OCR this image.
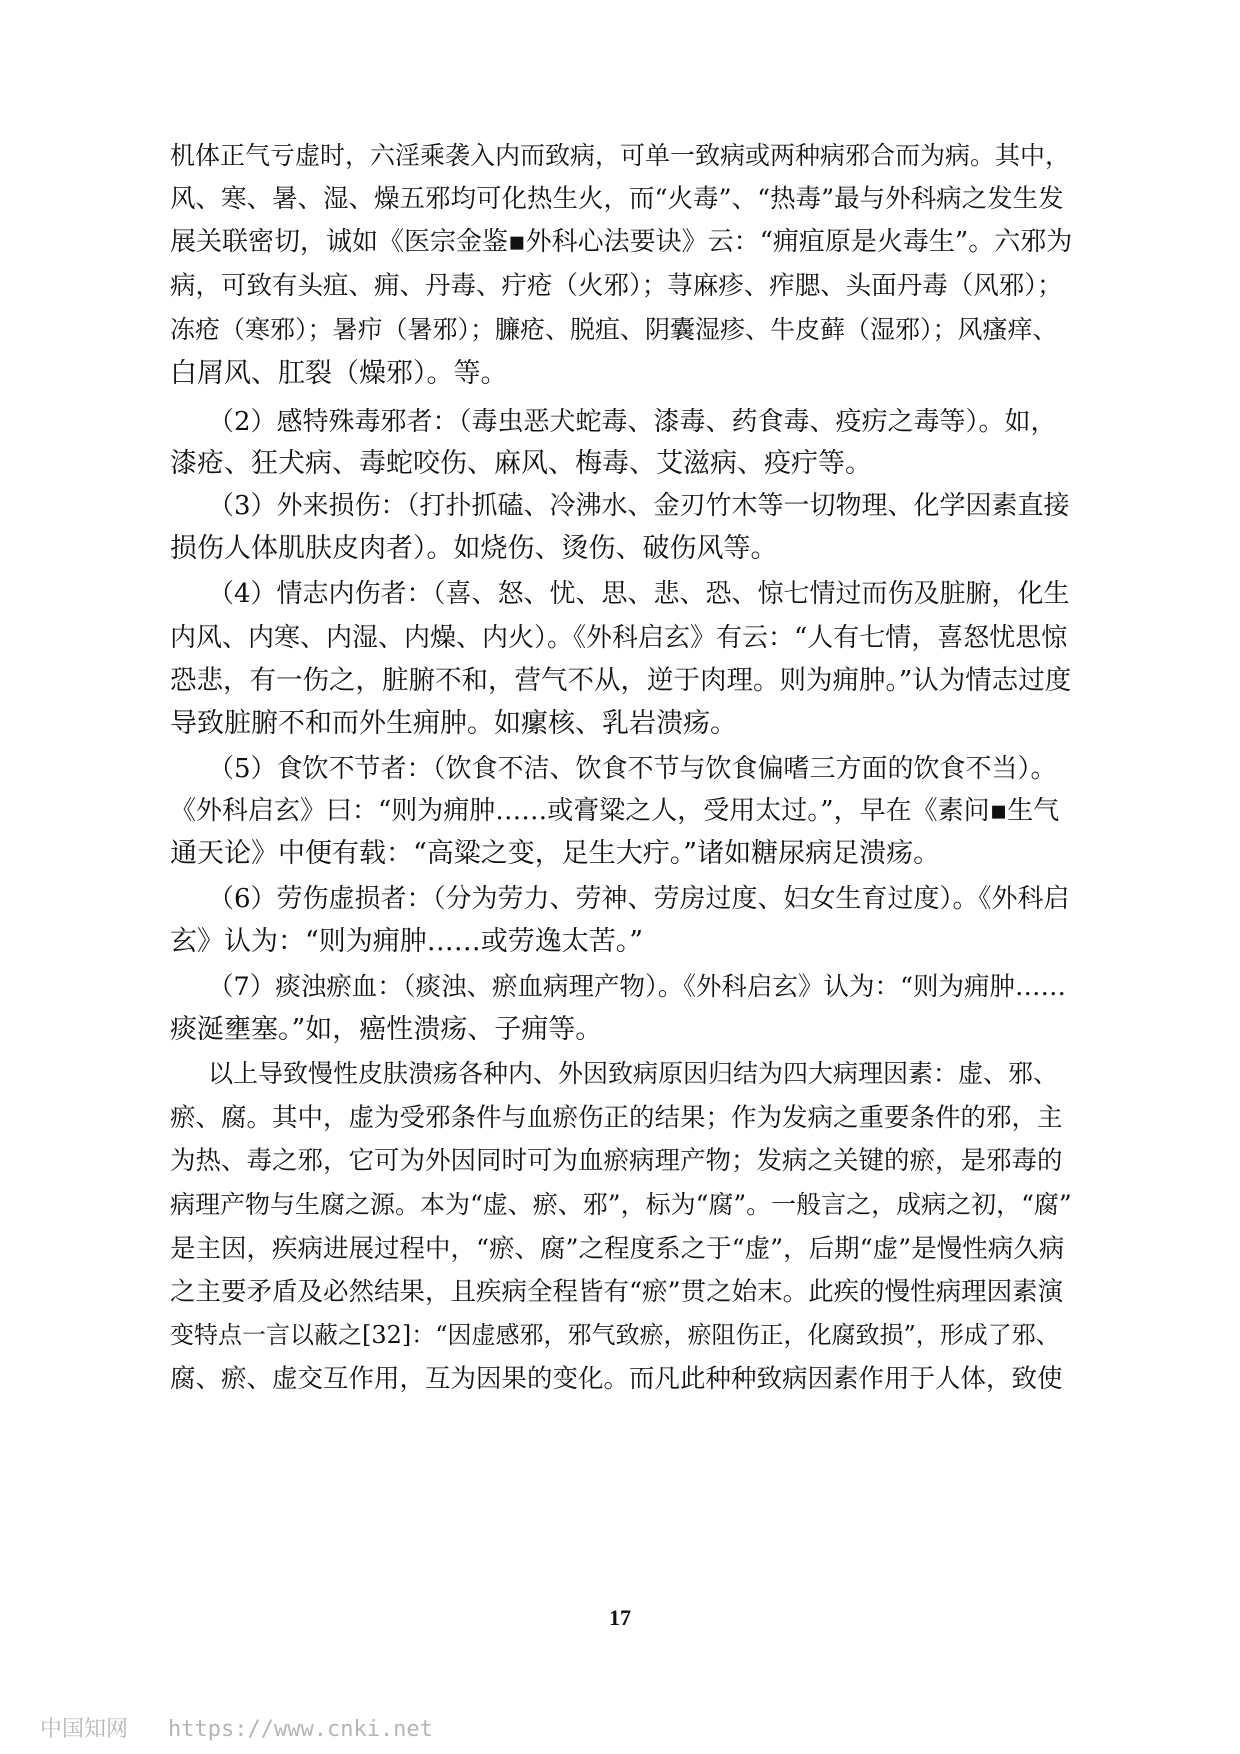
机体正气亏虚时，六淫乘袭入内而致病，可单一致病或两种病邪合而为病。其中，
风、寒、暑、湿、燥五邪均可化热生火，而“火毒”、“热毒”最与外科病之发生发
展关联密切，诚如《医宗金鉴▪外科心法要诀》云：“痈疽原是火毒生”。六邪为
病，可致有头疽、痈、丹毒、疔疮（火邪）；荨麻疹、痄腮、头面丹毒（风邪）；
冻疮（寒邪）；暑疖（暑邪）；臁疮、脱疽、阴囊湿疹、牛皮藓（湿邪）；风瘙痒、
白屑风、肛裂（燥邪）。等。
（2）感特殊毒邪者：（毒虫恶犬蛇毒、漆毒、药食毒、疫疠之毒等）。如，
漆疮、狂犬病、毒蛇咬伤、麻风、梅毒、艾滋病、疫疔等。
（3）外来损伤：（打扑抓磕、冷沸水、金刃竹木等一切物理、化学因素直接
损伤人体肌肤皮肉者）。如烧伤、烫伤、破伤风等。
（4）情志内伤者：（喜、怒、忧、思、悲、恐、惊七情过而伤及脏腑，化生
内风、内寒、内湿、内燥、内火）。《外科启玄》有云：“人有七情，喜怒忧思惊
恐悲，有一伤之，脏腑不和，营气不从，逆于肉理。则为痈肿。”认为情志过度
导致脏腑不和而外生痈肿。如瘰核、乳岩溃疡。
（5）食饮不节者：（饮食不洁、饮食不节与饮食偏嗜三方面的饮食不当）。
《外科启玄》曰：“则为痈肿……或膏粱之人，受用太过。”，早在《素问▪生气
通天论》中便有载：“高粱之变，足生大疔。”诸如糖尿病足溃疡。
（6）劳伤虚损者：（分为劳力、劳神、劳房过度、妇女生育过度）。《外科启
玄》认为：“则为痈肿……或劳逸太苦。”
（7）痰浊瘀血：（痰浊、瘀血病理产物）。《外科启玄》认为：“则为痈肿……
痰涎壅塞。”如，癌性溃疡、子痈等。
以上导致慢性皮肤溃疡各种内、外因致病原因归结为四大病理因素：虚、邪、
瘀、腐。其中，虚为受邪条件与血瘀伤正的结果；作为发病之重要条件的邪，主
为热、毒之邪，它可为外因同时可为血瘀病理产物；发病之关键的瘀，是邪毒的
病理产物与生腐之源。本为“虚、瘀、邪”，标为“腐”。一般言之，成病之初，“腐”
是主因，疾病进展过程中，“瘀、腐”之程度系之于“虚”，后期“虚”是慢性病久病
之主要矛盾及必然结果，且疾病全程皆有“瘀”贯之始末。此疾的慢性病理因素演
变特点一言以蔽之[32]：“因虚感邪，邪气致瘀，瘀阻伤正，化腐致损”，形成了邪、
腐、瘀、虚交互作用，互为因果的变化。而凡此种种致病因素作用于人体，致使
17
中国知网 https://www.cnki.net
